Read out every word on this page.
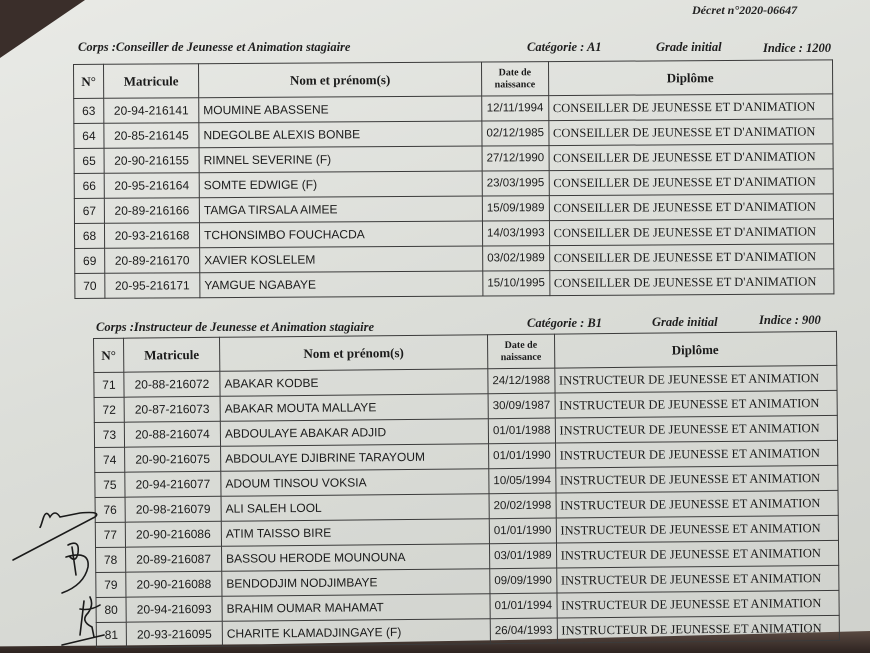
Décret n°2020-06647
Corps :Conseiller de Jeunesse et Animation stagiaire	Catégorie : A1	Grade initial	Indice : 1200
N°	Matricule	Nom et prénom(s)	Date de
naissance	Diplôme
63	20-94-216141	MOUMINE ABASSENE	12/11/1994	CONSEILLER DE JEUNESSE ET D'ANIMATION
64	20-85-216145	NDEGOLBE ALEXIS BONBE	02/12/1985	CONSEILLER DE JEUNESSE ET D'ANIMATION
65	20-90-216155	RIMNEL SEVERINE (F)	27/12/1990	CONSEILLER DE JEUNESSE ET D'ANIMATION
66	20-95-216164	SOMTE EDWIGE (F)	23/03/1995	CONSEILLER DE JEUNESSE ET D'ANIMATION
67	20-89-216166	TAMGA TIRSALA AIMEE	15/09/1989	CONSEILLER DE JEUNESSE ET D'ANIMATION
68	20-93-216168	TCHONSIMBO FOUCHACDA	14/03/1993	CONSEILLER DE JEUNESSE ET D'ANIMATION
69	20-89-216170	XAVIER KOSLELEM	03/02/1989	CONSEILLER DE JEUNESSE ET D'ANIMATION
70	20-95-216171	YAMGUE NGABAYE	15/10/1995	CONSEILLER DE JEUNESSE ET D'ANIMATION
Corps :Instructeur de Jeunesse et Animation stagiaire	Catégorie : B1	Grade initial	Indice : 900
N°	Matricule	Nom et prénom(s)	Date de
naissance	Diplôme
71	20-88-216072	ABAKAR KODBE	24/12/1988	INSTRUCTEUR DE JEUNESSE ET ANIMATION
72	20-87-216073	ABAKAR MOUTA MALLAYE	30/09/1987	INSTRUCTEUR DE JEUNESSE ET ANIMATION
73	20-88-216074	ABDOULAYE ABAKAR ADJID	01/01/1988	INSTRUCTEUR DE JEUNESSE ET ANIMATION
74	20-90-216075	ABDOULAYE DJIBRINE TARAYOUM	01/01/1990	INSTRUCTEUR DE JEUNESSE ET ANIMATION
75	20-94-216077	ADOUM TINSOU VOKSIA	10/05/1994	INSTRUCTEUR DE JEUNESSE ET ANIMATION
76	20-98-216079	ALI SALEH LOOL	20/02/1998	INSTRUCTEUR DE JEUNESSE ET ANIMATION
77	20-90-216086	ATIM TAISSO BIRE	01/01/1990	INSTRUCTEUR DE JEUNESSE ET ANIMATION
78	20-89-216087	BASSOU HERODE MOUNOUNA	03/01/1989	INSTRUCTEUR DE JEUNESSE ET ANIMATION
79	20-90-216088	BENDODJIM NODJIMBAYE	09/09/1990	INSTRUCTEUR DE JEUNESSE ET ANIMATION
80	20-94-216093	BRAHIM OUMAR MAHAMAT	01/01/1994	INSTRUCTEUR DE JEUNESSE ET ANIMATION
81	20-93-216095	CHARITE KLAMADJINGAYE (F)	26/04/1993	INSTRUCTEUR DE JEUNESSE ET ANIMATION
